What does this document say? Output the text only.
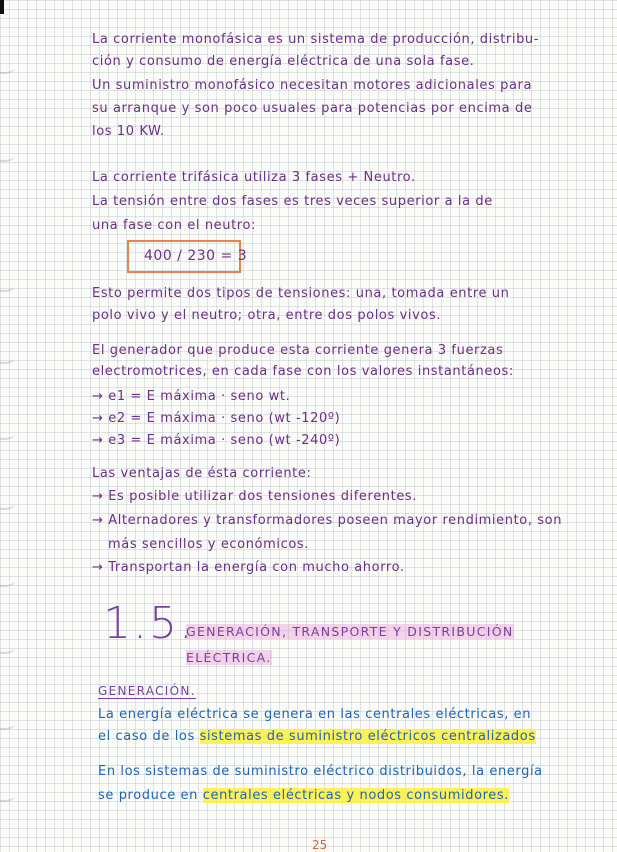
La corriente monofásica es un sistema de producción, distribu-
ción y consumo de energía eléctrica de una sola fase.
Un suministro monofásico necesitan motores adicionales para
su arranque y son poco usuales para potencias por encima de
los 10 KW.
La corriente trifásica utiliza 3 fases + Neutro.
La tensión entre dos fases es tres veces superior a la de
una fase con el neutro:
400 / 230 = 3
Esto permite dos tipos de tensiones: una, tomada entre un
polo vivo y el neutro; otra, entre dos polos vivos.
El generador que produce esta corriente genera 3 fuerzas
electromotrices, en cada fase con los valores instantáneos:
→ e1 = E máxima · seno wt.
→ e2 = E máxima · seno (wt -120º)
→ e3 = E máxima · seno (wt -240º)
Las ventajas de ésta corriente:
→ Es posible utilizar dos tensiones diferentes.
→ Alternadores y transformadores poseen mayor rendimiento, son
más sencillos y económicos.
→ Transportan la energía con mucho ahorro.
1.5.
GENERACIÓN, TRANSPORTE Y DISTRIBUCIÓN
ELÉCTRICA.
GENERACIÓN.
La energía eléctrica se genera en las centrales eléctricas, en
el caso de los sistemas de suministro eléctricos centralizados
En los sistemas de suministro eléctrico distribuidos, la energía
se produce en centrales eléctricas y nodos consumidores.
25
